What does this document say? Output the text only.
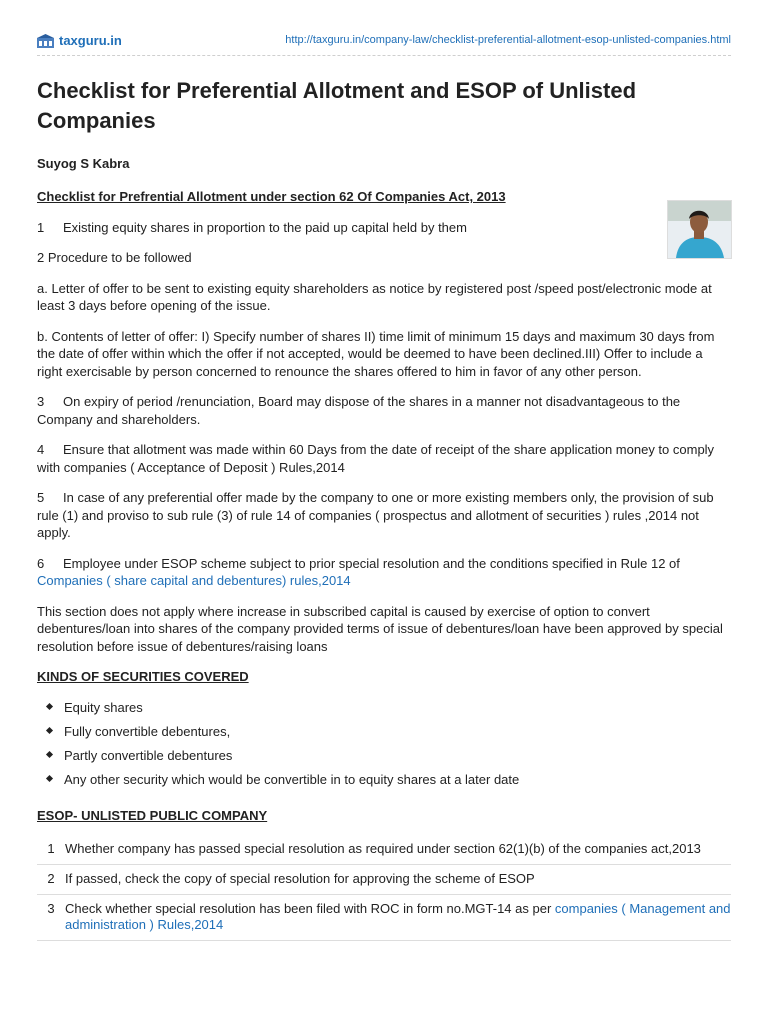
taxguru.in	http://taxguru.in/company-law/checklist-preferential-allotment-esop-unlisted-companies.html
Checklist for Preferential Allotment and ESOP of Unlisted Companies

Suyog S Kabra

Checklist for Prefrential Allotment under section 62 Of Companies Act, 2013

1 Existing equity shares in proportion to the paid up capital held by them

2 Procedure to be followed

a. Letter of offer to be sent to existing equity shareholders as notice by registered post /speed post/electronic mode at least 3 days before opening of the issue.

b. Contents of letter of offer: I) Specify number of shares II) time limit of minimum 15 days and maximum 30 days from the date of offer within which the offer if not accepted, would be deemed to have been declined.III) Offer to include a right exercisable by person concerned to renounce the shares offered to him in favor of any other person.

3 On expiry of period /renunciation, Board may dispose of the shares in a manner not disadvantageous to the Company and shareholders.

4 Ensure that allotment was made within 60 Days from the date of receipt of the share application money to comply with companies ( Acceptance of Deposit ) Rules,2014

5 In case of any preferential offer made by the company to one or more existing members only, the provision of sub rule (1) and proviso to sub rule (3) of rule 14 of companies ( prospectus and allotment of securities ) rules ,2014 not apply.

6 Employee under ESOP scheme subject to prior special resolution and the conditions specified in Rule 12 of Companies ( share capital and debentures) rules,2014

This section does not apply where increase in subscribed capital is caused by exercise of option to convert debentures/loan into shares of the company provided terms of issue of debentures/loan have been approved by special resolution before issue of debentures/raising loans

KINDS OF SECURITIES COVERED

Equity shares
Fully convertible debentures,
Partly convertible debentures
Any other security which would be convertible in to equity shares at a later date

ESOP- UNLISTED PUBLIC COMPANY

1	Whether company has passed special resolution as required under section 62(1)(b) of the companies act,2013
2	If passed, check the copy of special resolution for approving the scheme of ESOP
3	Check whether special resolution has been filed with ROC in form no.MGT-14 as per companies ( Management and administration ) Rules,2014
